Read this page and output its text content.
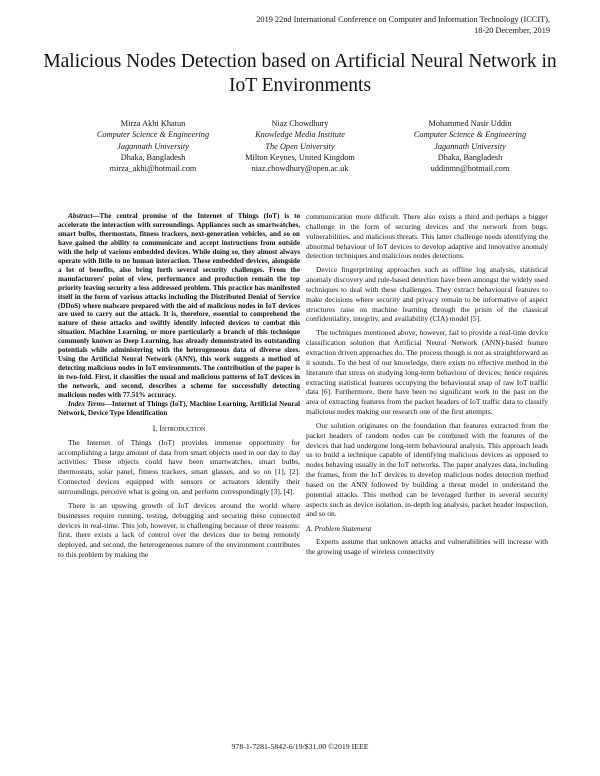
2019 22nd International Conference on Computer and Information Technology (ICCIT), 18-20 December, 2019
Malicious Nodes Detection based on Artificial Neural Network in IoT Environments
Mirza Akhi Khatun
Computer Science & Engineering
Jagannath University
Dhaka, Bangladesh
mirza_akhi@hotmail.com
Niaz Chowdhury
Knowledge Media Institute
The Open University
Milton Keynes, United Kingdom
niaz.chowdhury@open.ac.uk
Mohammed Nasir Uddin
Computer Science & Engineering
Jagannath University
Dhaka, Bangladesh
uddinmn@hotmail.com

Abstract—The central promise of the Internet of Things (IoT) is to accelerate the interaction with surroundings. Appliances such as smartwatches, smart bulbs, thermostats, fitness trackers, next-generation vehicles, and so on have gained the ability to communicate and accept instructions from outside with the help of various embedded devices. While doing so, they almost always operate with little to no human interaction. These embedded devices, alongside a lot of benefits, also bring forth several security challenges. From the manufacturers' point of view, performance and production remain the top priority leaving security a less addressed problem. This practice has manifested itself in the form of various attacks including the Distributed Denial of Service (DDoS) where malware prepared with the aid of malicious nodes in IoT devices are used to carry out the attack. It is, therefore, essential to comprehend the nature of these attacks and swiftly identify infected devices to combat this situation. Machine Learning, or more particularly a branch of this technique commonly known as Deep Learning, has already demonstrated its outstanding potentials while administering with the heterogeneous data of diverse sizes. Using the Artificial Neural Network (ANN), this work suggests a method of detecting malicious nodes in IoT environments. The contribution of the paper is in two-fold. First, it classifies the usual and malicious patterns of IoT devices in the network, and second, describes a scheme for successfully detecting malicious nodes with 77.51% accuracy.

Index Terms—Internet of Things (IoT), Machine Learning, Artificial Neural Network, Device Type Identification

I. Introduction

The Internet of Things (IoT) provides immense opportunity for accomplishing a large amount of data from smart objects used in our day to day activities. These objects could have been smartwatches, smart bulbs, thermostats, solar panel, fitness trackers, smart glasses, and so on [1], [2]. Connected devices equipped with sensors or actuators identify their surroundings, perceive what is going on, and perform correspondingly [3], [4].

There is an upswing growth of IoT devices around the world where businesses require running, testing, debugging and securing these connected devices in real-time. This job, however, is challenging because of three reasons: first, there exists a lack of control over the devices due to being remotely deployed, and second, the heterogeneous nature of the environment contributes to this problem by making the

communication more difficult. There also exists a third and perhaps a bigger challenge in the form of securing devices and the network from bugs, vulnerabilities, and malicious threats. This latter challenge needs identifying the abnormal behaviour of IoT devices to develop adaptive and innovative anomaly detection techniques and malicious nodes detections.

Device fingerprinting approaches such as offline log analysis, statistical anomaly discovery and rule-based detection have been amongst the widely used techniques to deal with these challenges. They extract behavioural features to make decisions where security and privacy remain to be informative of aspect structures raise on machine learning through the prism of the classical confidentiality, integrity, and availability (CIA) model [5].

The techniques mentioned above, however, fail to provide a real-time device classification solution that Artificial Neural Network (ANN)-based feature extraction driven approaches do. The process though is not as straightforward as it sounds. To the best of our knowledge, there exists no effective method in the literature that stress on studying long-term behaviour of devices; hence requires extracting statistical features occupying the behavioural snap of raw IoT traffic data [6]. Furthermore, there have been no significant work in the past on the area of extracting features from the packet headers of IoT traffic data to classify malicious nodes making our research one of the first attempts.

Our solution originates on the foundation that features extracted from the packet headers of random nodes can be combined with the features of the devices that had undergone long-term behavioural analysis. This approach leads us to build a technique capable of identifying malicious devices as opposed to nodes behaving usually in the IoT networks. The paper analyzes data, including the frames, from the IoT devices to develop malicious nodes detection method based on the ANN followed by building a threat model to understand the potential attacks. This method can be leveraged further in several security aspects such as device isolation, in-depth log analysis, packet header inspection, and so on.

A. Problem Statement

Experts assume that unknown attacks and vulnerabilities will increase with the growing usage of wireless connectivity

978-1-7281-5842-6/19/$31.00 ©2019 IEEE
